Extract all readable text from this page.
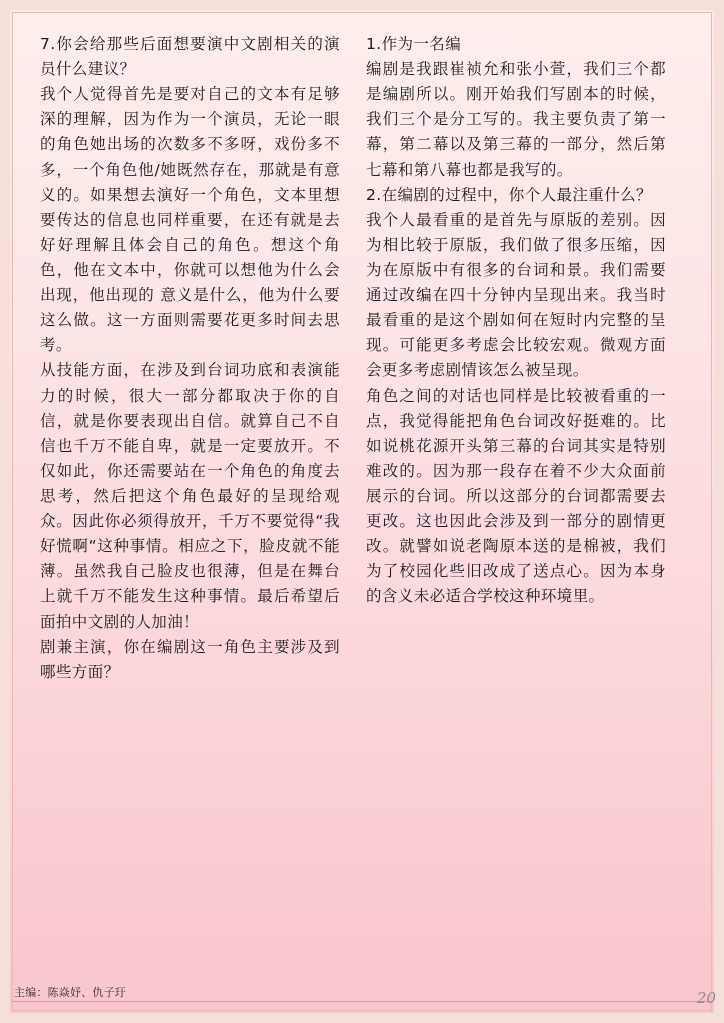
7.你会给那些后面想要演中文剧相关的演员什么建议？

我个人觉得首先是要对自己的文本有足够深的理解，因为作为一个演员，无论一眼的角色她出场的次数多不多呀，戏份多不多，一个角色他/她既然存在，那就是有意义的。如果想去演好一个角色，文本里想要传达的信息也同样重要，在还有就是去好好理解且体会自己的角色。想这个角色，他在文本中，你就可以想他为什么会出现，他出现的 意义是什么，他为什么要这么做。这一方面则需要花更多时间去思考。

从技能方面，在涉及到台词功底和表演能力的时候，很大一部分都取决于你的自信，就是你要表现出自信。就算自己不自信也千万不能自卑，就是一定要放开。不仅如此，你还需要站在一个角色的角度去思考，然后把这个角色最好的呈现给观众。因此你必须得放开，千万不要觉得“我好慌啊“这种事情。相应之下，脸皮就不能薄。虽然我自己脸皮也很薄，但是在舞台上就千万不能发生这种事情。最后希望后面拍中文剧的人加油！

剧兼主演，你在编剧这一角色主要涉及到哪些方面？

1.作为一名编

编剧是我跟崔祯允和张小萱，我们三个都是编剧所以。刚开始我们写剧本的时候，我们三个是分工写的。我主要负责了第一幕，第二幕以及第三幕的一部分，然后第七幕和第八幕也都是我写的。

2.在编剧的过程中，你个人最注重什么？

我个人最看重的是首先与原版的差别。因为相比较于原版，我们做了很多压缩，因为在原版中有很多的台词和景。我们需要通过改编在四十分钟内呈现出来。我当时最看重的是这个剧如何在短时内完整的呈现。可能更多考虑会比较宏观。微观方面会更多考虑剧情该怎么被呈现。

角色之间的对话也同样是比较被看重的一点，我觉得能把角色台词改好挺难的。比如说桃花源开头第三幕的台词其实是特别难改的。因为那一段存在着不少大众面前展示的台词。所以这部分的台词都需要去更改。这也因此会涉及到一部分的剧情更改。就譬如说老陶原本送的是棉被，我们为了校园化些旧改成了送点心。因为本身的含义未必适合学校这种环境里。

主编：陈焱妤、仇子玗	20
